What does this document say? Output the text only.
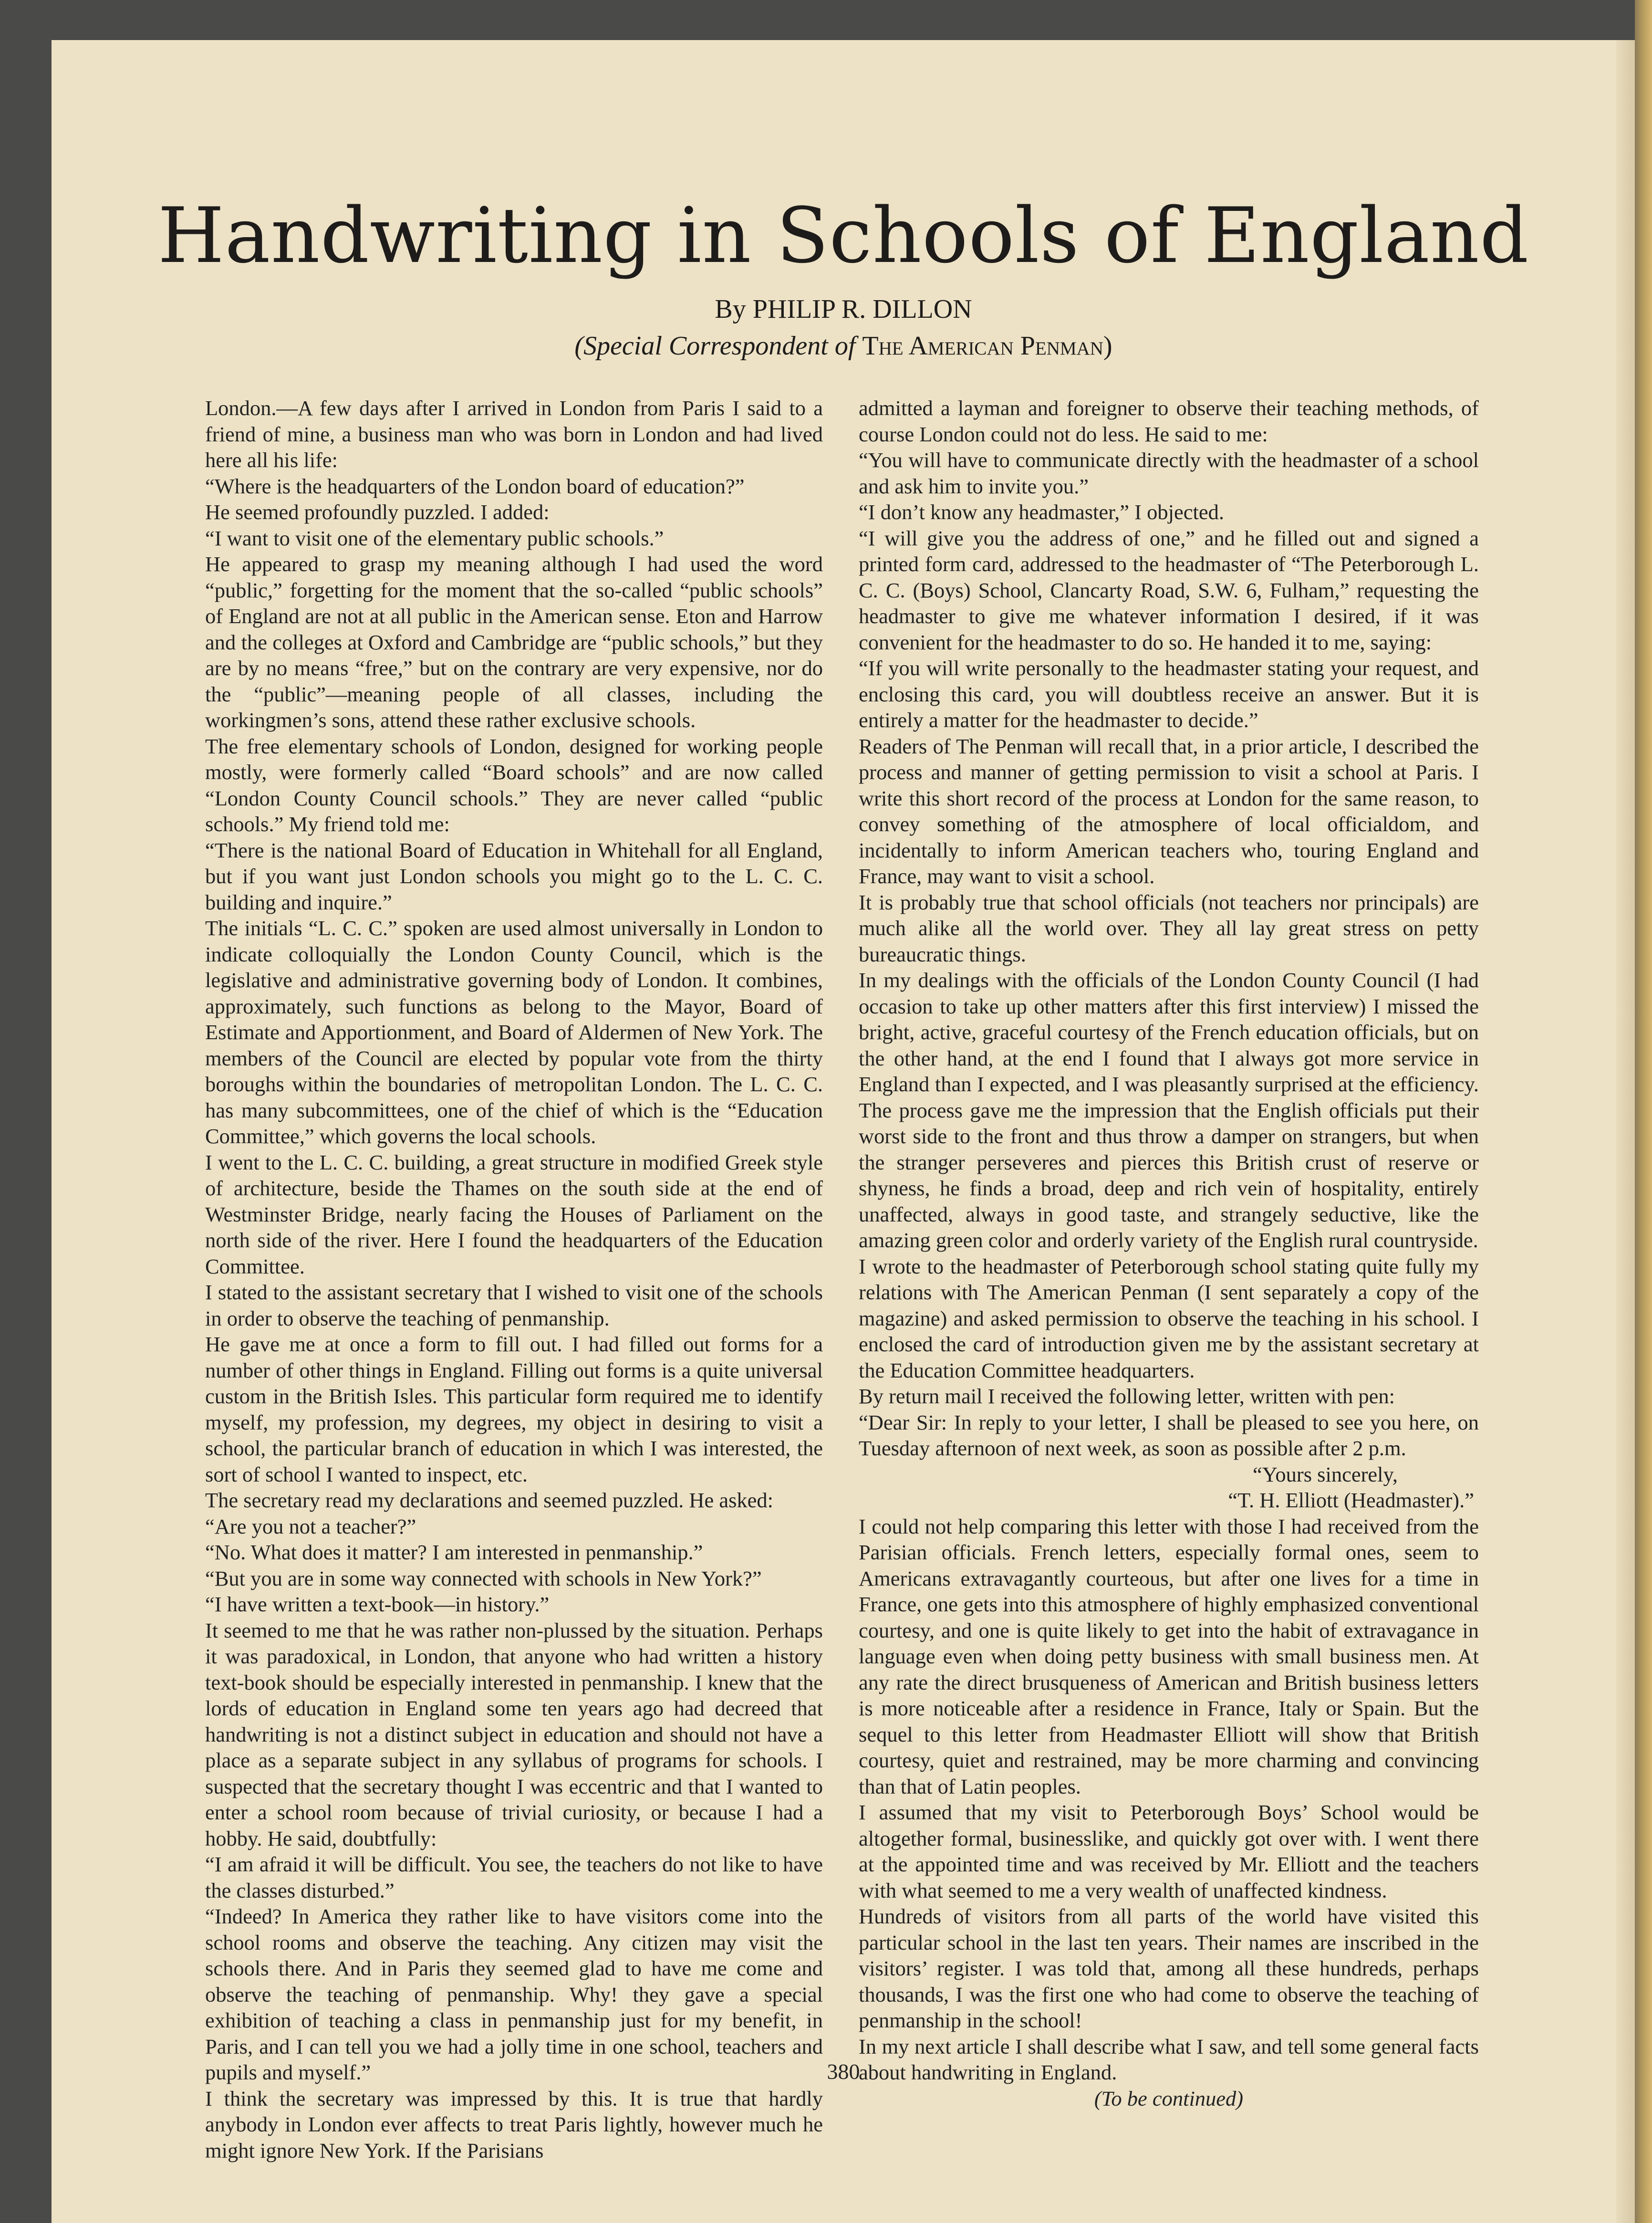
Handwriting in Schools of England

By PHILIP R. DILLON

(Special Correspondent of The American Penman)

London.—A few days after I arrived in London from Paris I said to a friend of mine, a business man who was born in London and had lived here all his life:

“Where is the headquarters of the London board of education?”

He seemed profoundly puzzled. I added:

“I want to visit one of the elementary public schools.”

He appeared to grasp my meaning although I had used the word “public,” forgetting for the moment that the so-called “public schools” of England are not at all public in the American sense. Eton and Harrow and the colleges at Oxford and Cambridge are “public schools,” but they are by no means “free,” but on the contrary are very expensive, nor do the “public”—meaning people of all classes, including the workingmen’s sons, attend these rather exclusive schools.

The free elementary schools of London, designed for working people mostly, were formerly called “Board schools” and are now called “London County Council schools.” They are never called “public schools.” My friend told me:

“There is the national Board of Education in Whitehall for all England, but if you want just London schools you might go to the L. C. C. building and inquire.”

The initials “L. C. C.” spoken are used almost universally in London to indicate colloquially the London County Council, which is the legislative and administrative governing body of London. It combines, approximately, such functions as belong to the Mayor, Board of Estimate and Apportionment, and Board of Aldermen of New York. The members of the Council are elected by popular vote from the thirty boroughs within the boundaries of metropolitan London. The L. C. C. has many subcommittees, one of the chief of which is the “Education Committee,” which governs the local schools.

I went to the L. C. C. building, a great structure in modified Greek style of architecture, beside the Thames on the south side at the end of Westminster Bridge, nearly facing the Houses of Parliament on the north side of the river. Here I found the headquarters of the Education Committee.

I stated to the assistant secretary that I wished to visit one of the schools in order to observe the teaching of penmanship.

He gave me at once a form to fill out. I had filled out forms for a number of other things in England. Filling out forms is a quite universal custom in the British Isles. This particular form required me to identify myself, my profession, my degrees, my object in desiring to visit a school, the particular branch of education in which I was interested, the sort of school I wanted to inspect, etc.

The secretary read my declarations and seemed puzzled. He asked:

“Are you not a teacher?”

“No. What does it matter? I am interested in penmanship.”

“But you are in some way connected with schools in New York?”

“I have written a text-book—in history.”

It seemed to me that he was rather non-plussed by the situation. Perhaps it was paradoxical, in London, that anyone who had written a history text-book should be especially interested in penmanship. I knew that the lords of education in England some ten years ago had decreed that handwriting is not a distinct subject in education and should not have a place as a separate subject in any syllabus of programs for schools. I suspected that the secretary thought I was eccentric and that I wanted to enter a school room because of trivial curiosity, or because I had a hobby. He said, doubtfully:

“I am afraid it will be difficult. You see, the teachers do not like to have the classes disturbed.”

“Indeed? In America they rather like to have visitors come into the school rooms and observe the teaching. Any citizen may visit the schools there. And in Paris they seemed glad to have me come and observe the teaching of penmanship. Why! they gave a special exhibition of teaching a class in penmanship just for my benefit, in Paris, and I can tell you we had a jolly time in one school, teachers and pupils and myself.”

I think the secretary was impressed by this. It is true that hardly anybody in London ever affects to treat Paris lightly, however much he might ignore New York. If the Parisians

admitted a layman and foreigner to observe their teaching methods, of course London could not do less. He said to me:

“You will have to communicate directly with the headmaster of a school and ask him to invite you.”

“I don’t know any headmaster,” I objected.

“I will give you the address of one,” and he filled out and signed a printed form card, addressed to the headmaster of “The Peterborough L. C. C. (Boys) School, Clancarty Road, S.W. 6, Fulham,” requesting the headmaster to give me whatever information I desired, if it was convenient for the headmaster to do so. He handed it to me, saying:

“If you will write personally to the headmaster stating your request, and enclosing this card, you will doubtless receive an answer. But it is entirely a matter for the headmaster to decide.”

Readers of The Penman will recall that, in a prior article, I described the process and manner of getting permission to visit a school at Paris. I write this short record of the process at London for the same reason, to convey something of the atmosphere of local officialdom, and incidentally to inform American teachers who, touring England and France, may want to visit a school.

It is probably true that school officials (not teachers nor principals) are much alike all the world over. They all lay great stress on petty bureaucratic things.

In my dealings with the officials of the London County Council (I had occasion to take up other matters after this first interview) I missed the bright, active, graceful courtesy of the French education officials, but on the other hand, at the end I found that I always got more service in England than I expected, and I was pleasantly surprised at the efficiency. The process gave me the impression that the English officials put their worst side to the front and thus throw a damper on strangers, but when the stranger perseveres and pierces this British crust of reserve or shyness, he finds a broad, deep and rich vein of hospitality, entirely unaffected, always in good taste, and strangely seductive, like the amazing green color and orderly variety of the English rural countryside.

I wrote to the headmaster of Peterborough school stating quite fully my relations with The American Penman (I sent separately a copy of the magazine) and asked permission to observe the teaching in his school. I enclosed the card of introduction given me by the assistant secretary at the Education Committee headquarters.

By return mail I received the following letter, written with pen:

“Dear Sir: In reply to your letter, I shall be pleased to see you here, on Tuesday afternoon of next week, as soon as possible after 2 p.m.

“Yours sincerely,

“T. H. Elliott (Headmaster).”

I could not help comparing this letter with those I had received from the Parisian officials. French letters, especially formal ones, seem to Americans extravagantly courteous, but after one lives for a time in France, one gets into this atmosphere of highly emphasized conventional courtesy, and one is quite likely to get into the habit of extravagance in language even when doing petty business with small business men. At any rate the direct brusqueness of American and British business letters is more noticeable after a residence in France, Italy or Spain. But the sequel to this letter from Headmaster Elliott will show that British courtesy, quiet and restrained, may be more charming and convincing than that of Latin peoples.

I assumed that my visit to Peterborough Boys’ School would be altogether formal, businesslike, and quickly got over with. I went there at the appointed time and was received by Mr. Elliott and the teachers with what seemed to me a very wealth of unaffected kindness.

Hundreds of visitors from all parts of the world have visited this particular school in the last ten years. Their names are inscribed in the visitors’ register. I was told that, among all these hundreds, perhaps thousands, I was the first one who had come to observe the teaching of penmanship in the school!

In my next article I shall describe what I saw, and tell some general facts about handwriting in England.

(To be continued)

380
